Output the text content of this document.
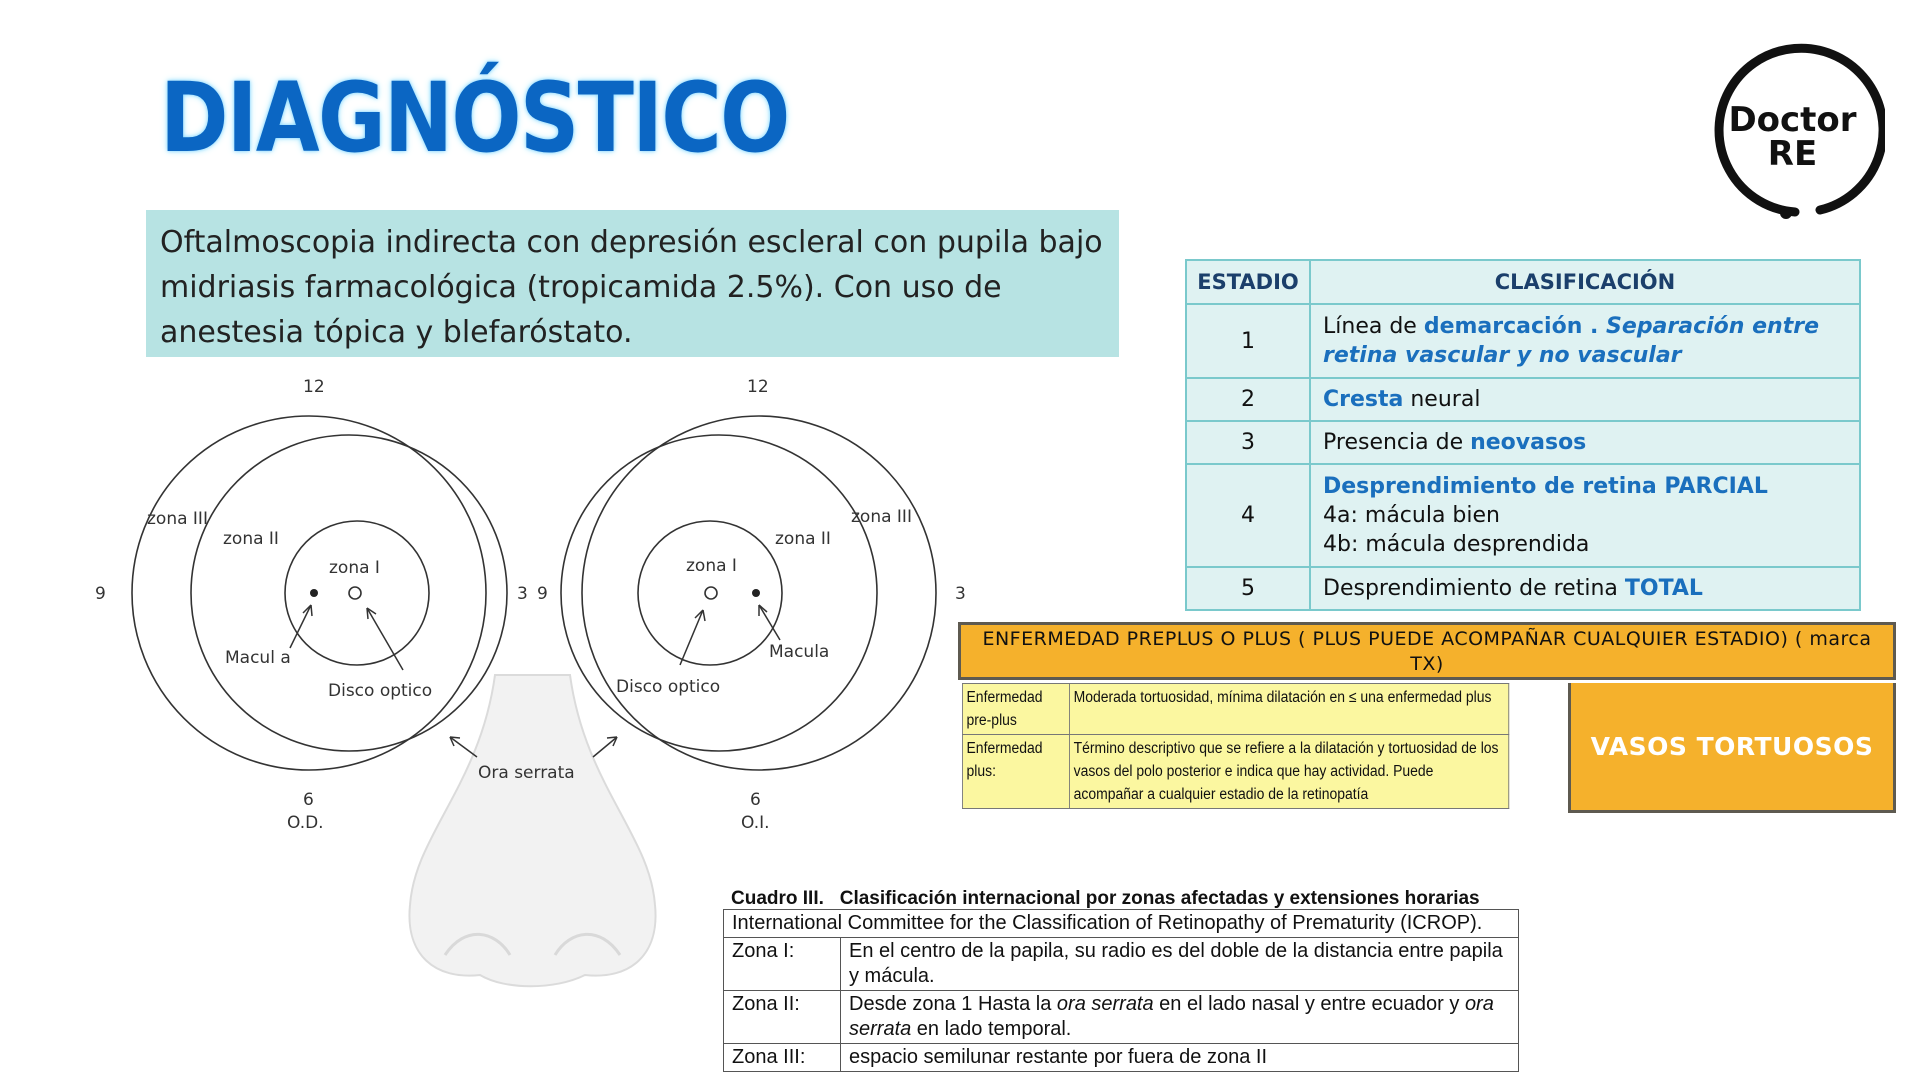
DIAGNÓSTICO	Doctor
RE
Oftalmoscopia indirecta con depresión escleral con pupila bajo midriasis farmacológica (tropicamida 2.5%). Con uso de anestesia tópica y blefaróstato.
12
9	3
6
O.D.
zona III
zona II
zona I
Macul a
Disco optico
12
9	3
6
O.I.
zona III
zona II
zona I
Macula
Disco optico
Ora serrata
ESTADIO	CLASIFICACIÓN
1	Línea de demarcación . Separación entre retina vascular y no vascular
2	Cresta neural
3	Presencia de neovasos
4	Desprendimiento de retina PARCIAL
4a: mácula bien
4b: mácula desprendida

5	Desprendimiento de retina TOTAL
ENFERMEDAD PREPLUS O PLUS ( PLUS PUEDE ACOMPAÑAR CUALQUIER ESTADIO) ( marca TX)
Enfermedad pre-plus	Moderada tortuosidad, mínima dilatación en ≤ una enfermedad plus
Enfermedad plus:	Término descriptivo que se refiere a la dilatación y tortuosidad de los vasos del polo posterior e indica que hay actividad. Puede acompañar a cualquier estadio de la retinopatía
VASOS TORTUOSOS
Cuadro III.   Clasificación internacional por zonas afectadas y extensiones horarias
International Committee for the Classification of Retinopathy of Prematurity (ICROP).	
Zona I:	En el centro de la papila, su radio es del doble de la distancia entre papila y mácula.
Zona II:	Desde zona 1 Hasta la ora serrata en el lado nasal y entre ecuador y ora serrata en lado temporal.
Zona III:	espacio semilunar restante por fuera de zona II
